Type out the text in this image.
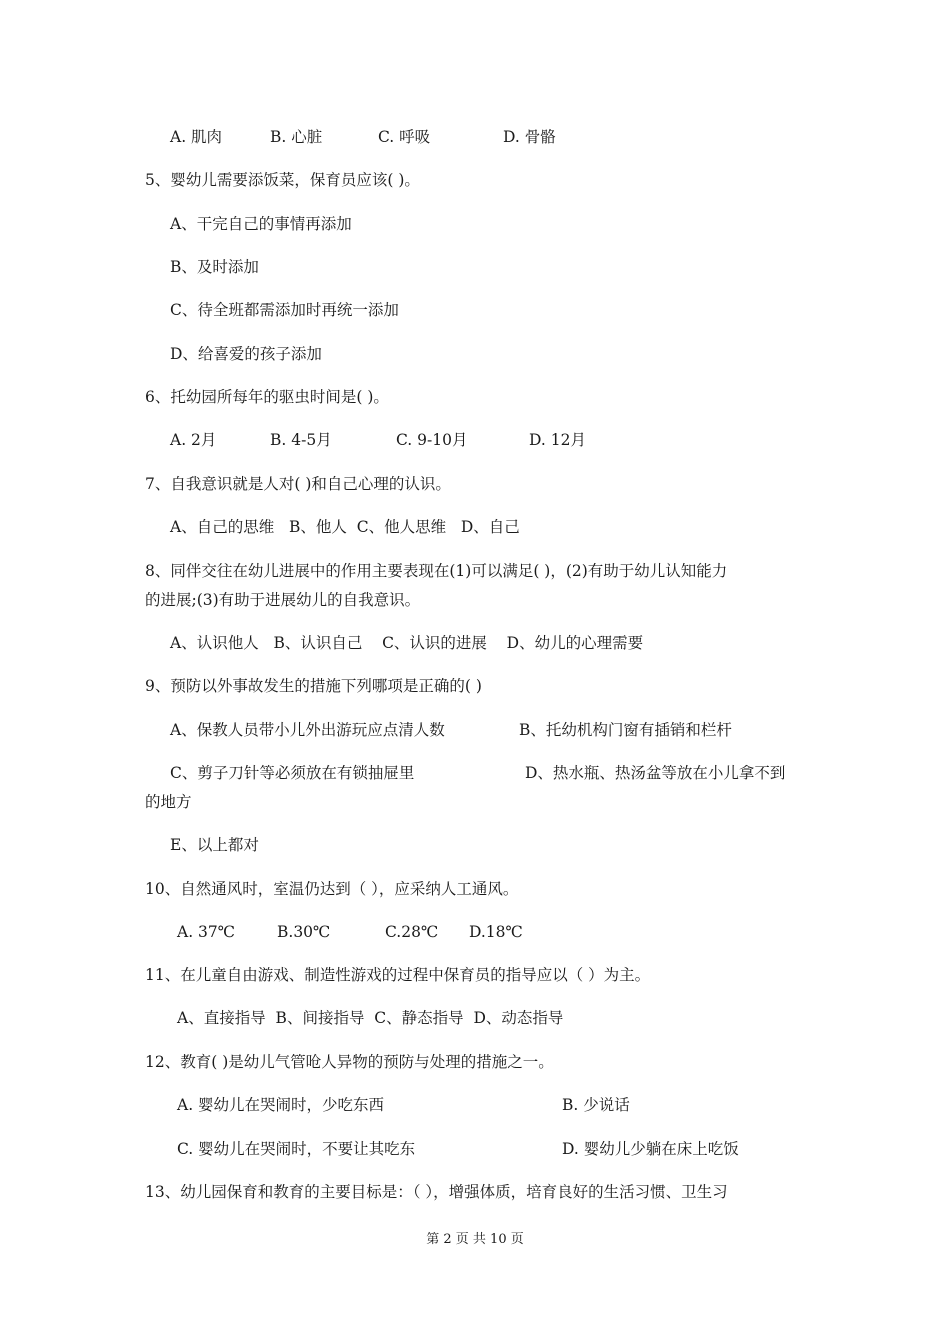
A. 肌肉	B. 心脏	C. 呼吸	D. 骨骼
5、婴幼儿需要添饭菜，保育员应该( )。
A、干完自己的事情再添加
B、及时添加
C、待全班都需添加时再统一添加
D、给喜爱的孩子添加
6、托幼园所每年的驱虫时间是( )。
A. 2月	B. 4-5月	C. 9-10月	D. 12月
7、自我意识就是人对( )和自己心理的认识。
A、自己的思维   B、他人  C、他人思维   D、自己
8、同伴交往在幼儿进展中的作用主要表现在(1)可以满足( )，(2)有助于幼儿认知能力
的进展;(3)有助于进展幼儿的自我意识。
A、认识他人   B、认识自己    C、认识的进展    D、幼儿的心理需要
9、预防以外事故发生的措施下列哪项是正确的( )
A、保教人员带小儿外出游玩应点清人数	B、托幼机构门窗有插销和栏杆
C、剪子刀针等必须放在有锁抽屉里	D、热水瓶、热汤盆等放在小儿拿不到
的地方
E、以上都对
10、自然通风时，室温仍达到（ ），应采纳人工通风。
A. 37℃	B.30℃	C.28℃ D.18℃
11、在儿童自由游戏、制造性游戏的过程中保育员的指导应以（ ）为主。
A、直接指导  B、间接指导  C、静态指导  D、动态指导
12、教育( )是幼儿气管呛人异物的预防与处理的措施之一。
A. 婴幼儿在哭闹时，少吃东西	B. 少说话
C. 婴幼儿在哭闹时，不要让其吃东	D. 婴幼儿少躺在床上吃饭
13、幼儿园保育和教育的主要目标是：（ ），增强体质，培育良好的生活习惯、卫生习
第 2 页 共 10 页
